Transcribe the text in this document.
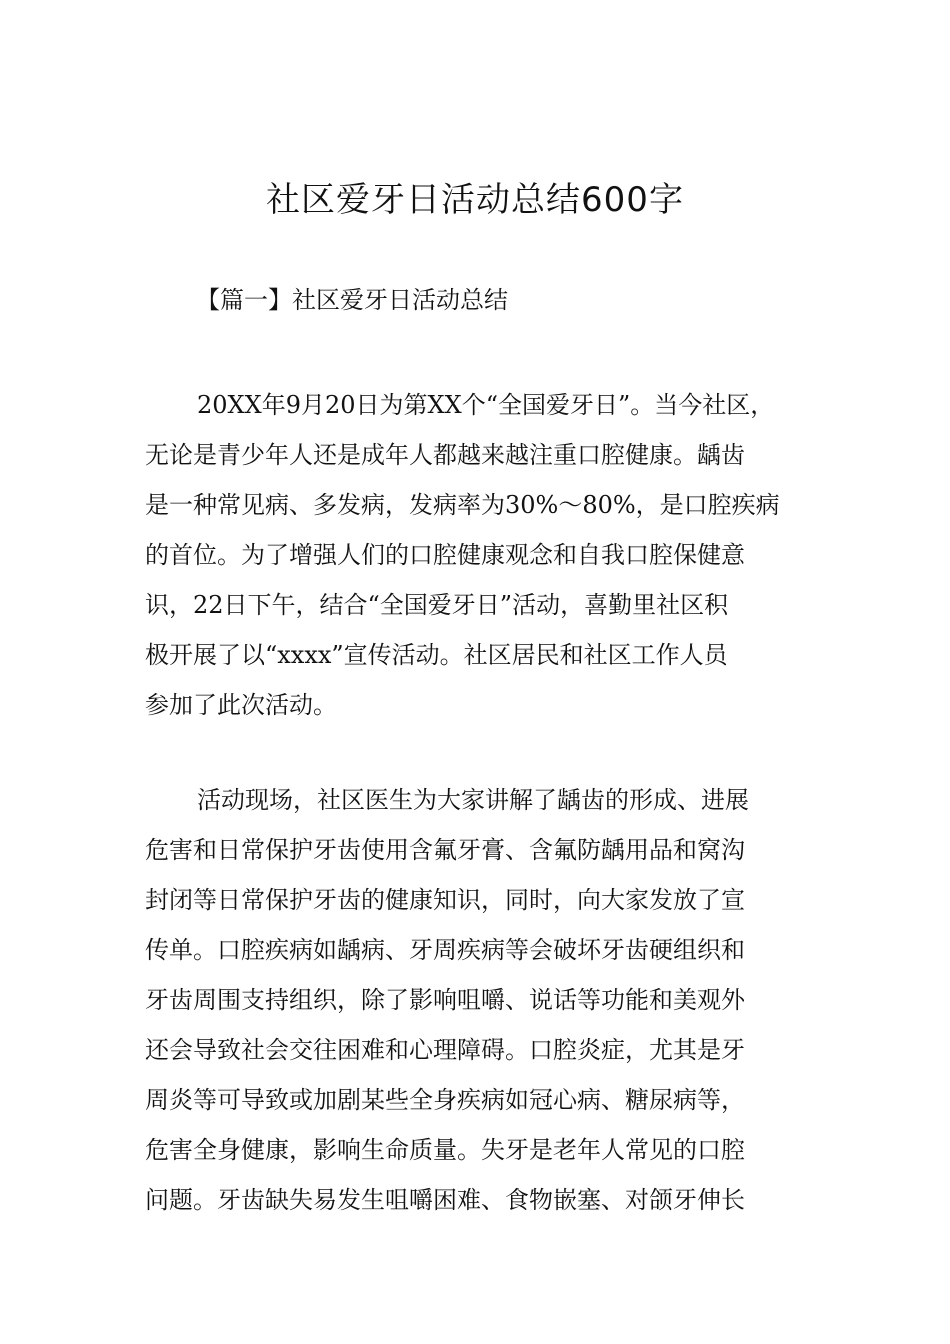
社区爱牙日活动总结600字
【篇一】社区爱牙日活动总结
20XX年9月20日为第XX个“全国爱牙日”。当今社区，
无论是青少年人还是成年人都越来越注重口腔健康。龋齿
是一种常见病、多发病，发病率为30%～80%，是口腔疾病
的首位。为了增强人们的口腔健康观念和自我口腔保健意
识，22日下午，结合“全国爱牙日”活动，喜勤里社区积
极开展了以“xxxx”宣传活动。社区居民和社区工作人员
参加了此次活动。
活动现场，社区医生为大家讲解了龋齿的形成、进展
危害和日常保护牙齿使用含氟牙膏、含氟防龋用品和窝沟
封闭等日常保护牙齿的健康知识，同时，向大家发放了宣
传单。口腔疾病如龋病、牙周疾病等会破坏牙齿硬组织和
牙齿周围支持组织，除了影响咀嚼、说话等功能和美观外
还会导致社会交往困难和心理障碍。口腔炎症，尤其是牙
周炎等可导致或加剧某些全身疾病如冠心病、糖尿病等，
危害全身健康，影响生命质量。失牙是老年人常见的口腔
问题。牙齿缺失易发生咀嚼困难、食物嵌塞、对颌牙伸长
